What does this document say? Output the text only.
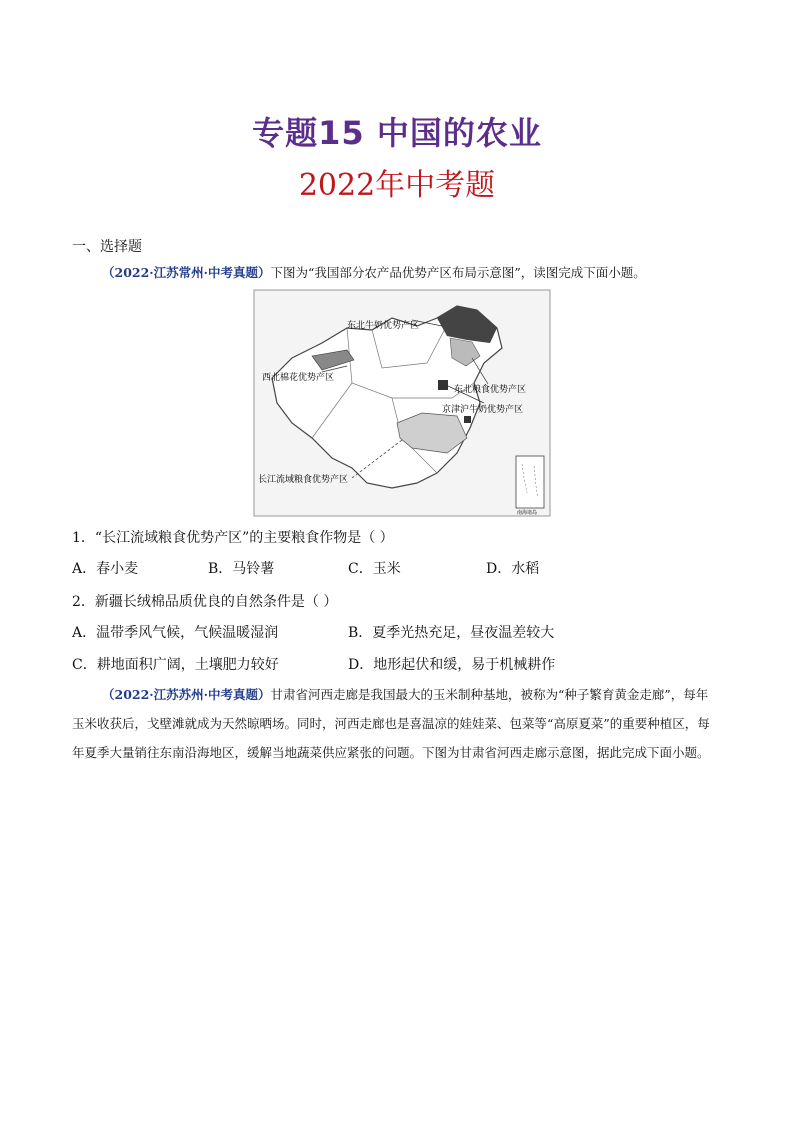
专题15 中国的农业
2022年中考题
一、选择题
（2022·江苏常州·中考真题）下图为“我国部分农产品优势产区布局示意图”，读图完成下面小题。
东北牛奶优势产区
西北棉花优势产区
东北粮食优势产区
京津沪牛奶优势产区
长江流域粮食优势产区
南海诸岛
1．“长江流域粮食优势产区”的主要粮食作物是（ ）
A．春小麦	B．马铃薯	C．玉米	D．水稻
2．新疆长绒棉品质优良的自然条件是（ ）
A．温带季风气候，气候温暖湿润	B．夏季光热充足，昼夜温差较大
C．耕地面积广阔，土壤肥力较好	D．地形起伏和缓，易于机械耕作
（2022·江苏苏州·中考真题）甘肃省河西走廊是我国最大的玉米制种基地，被称为“种子繁育黄金走廊”，每年玉米收获后，戈壁滩就成为天然晾晒场。同时，河西走廊也是喜温凉的娃娃菜、包菜等“高原夏菜”的重要种植区，每年夏季大量销往东南沿海地区，缓解当地蔬菜供应紧张的问题。下图为甘肃省河西走廊示意图，据此完成下面小题。
